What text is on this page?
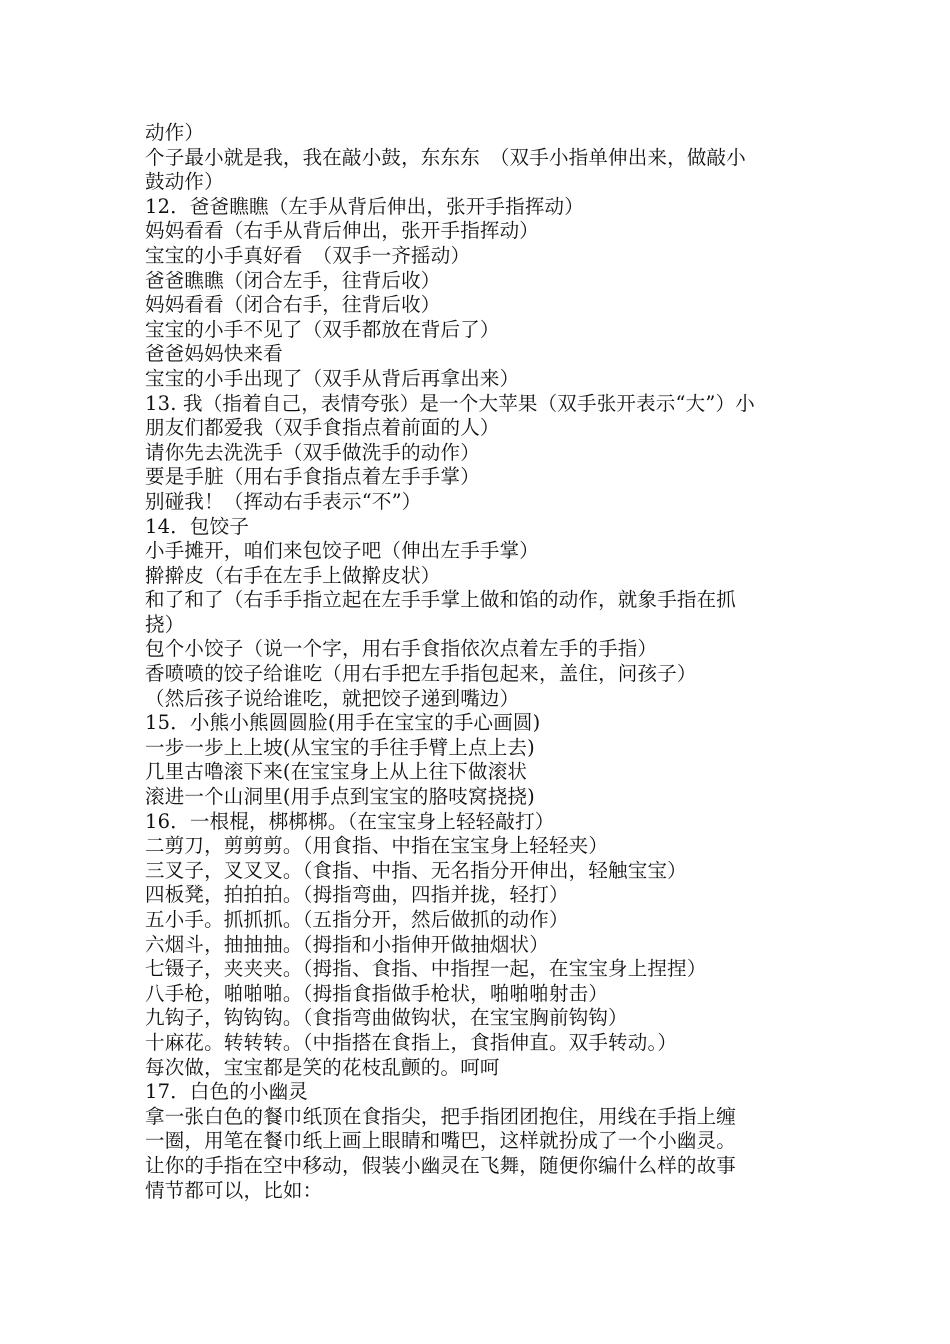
动作）
个子最小就是我，我在敲小鼓，东东东　（双手小指单伸出来，做敲小
鼓动作）
12．爸爸瞧瞧（左手从背后伸出，张开手指挥动）
妈妈看看（右手从背后伸出，张开手指挥动）
宝宝的小手真好看　（双手一齐摇动）
爸爸瞧瞧（闭合左手，往背后收）
妈妈看看（闭合右手，往背后收）
宝宝的小手不见了（双手都放在背后了）
爸爸妈妈快来看
宝宝的小手出现了（双手从背后再拿出来）
13. 我（指着自己，表情夸张）是一个大苹果（双手张开表示“大”）小
朋友们都爱我（双手食指点着前面的人）
请你先去洗洗手（双手做洗手的动作）
要是手脏（用右手食指点着左手手掌）
别碰我！（挥动右手表示“不”）
14．包饺子
小手摊开，咱们来包饺子吧（伸出左手手掌）
擀擀皮（右手在左手上做擀皮状）
和了和了（右手手指立起在左手手掌上做和馅的动作，就象手指在抓
挠）
包个小饺子（说一个字，用右手食指依次点着左手的手指）
香喷喷的饺子给谁吃（用右手把左手指包起来，盖住，问孩子）
（然后孩子说给谁吃，就把饺子递到嘴边）
15．小熊小熊圆圆脸(用手在宝宝的手心画圆)
一步一步上上坡(从宝宝的手往手臂上点上去)
几里古噜滚下来(在宝宝身上从上往下做滚状
滚进一个山洞里(用手点到宝宝的胳吱窝挠挠)
16．一根棍，梆梆梆。（在宝宝身上轻轻敲打）
二剪刀，剪剪剪。（用食指、中指在宝宝身上轻轻夹）
三叉子，叉叉叉。（食指、中指、无名指分开伸出，轻触宝宝）
四板凳，拍拍拍。（拇指弯曲，四指并拢，轻打）
五小手。抓抓抓。（五指分开，然后做抓的动作）
六烟斗，抽抽抽。（拇指和小指伸开做抽烟状）
七镊子，夹夹夹。（拇指、食指、中指捏一起，在宝宝身上捏捏）
八手枪，啪啪啪。（拇指食指做手枪状，啪啪啪射击）
九钩子，钩钩钩。（食指弯曲做钩状，在宝宝胸前钩钩）
十麻花。转转转。（中指搭在食指上，食指伸直。双手转动。）
每次做，宝宝都是笑的花枝乱颤的。呵呵
17．白色的小幽灵
拿一张白色的餐巾纸顶在食指尖，把手指团团抱住，用线在手指上缠
一圈，用笔在餐巾纸上画上眼睛和嘴巴，这样就扮成了一个小幽灵。
让你的手指在空中移动，假装小幽灵在飞舞，随便你编什么样的故事
情节都可以，比如：
